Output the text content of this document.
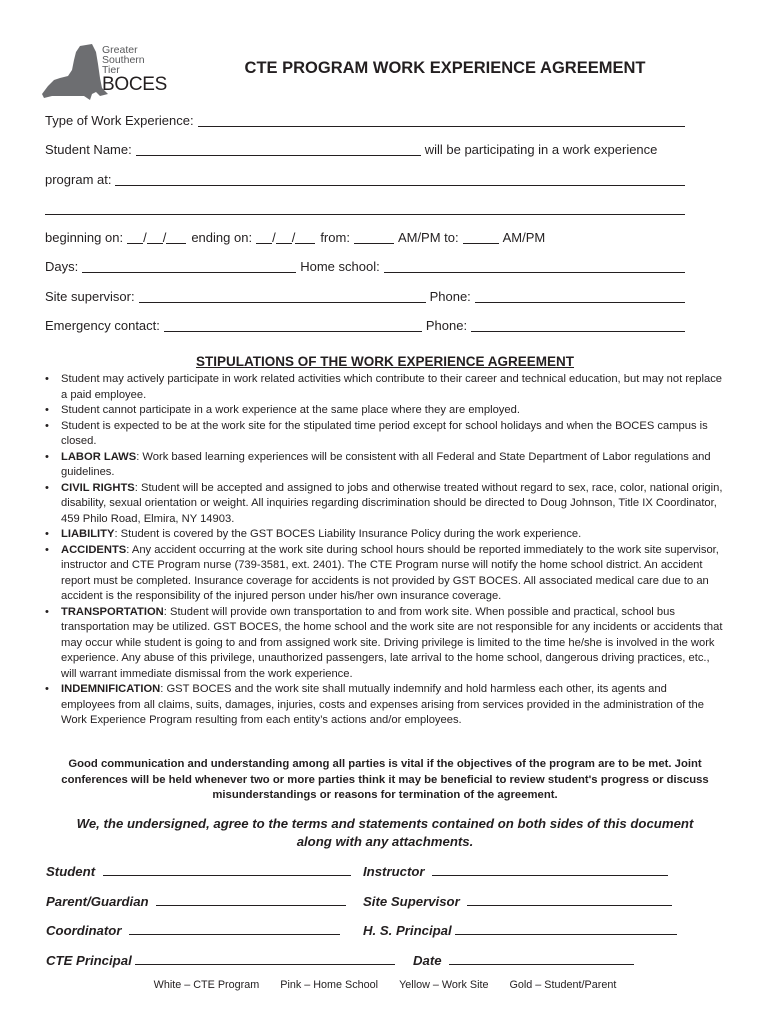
Greater
Southern
Tier
BOCES
CTE PROGRAM WORK EXPERIENCE AGREEMENT
Type of Work Experience:
Student Name:	will be participating in a work experience
program at:
beginning on: / / ending on: / / from:	AM/PM to:	AM/PM
Days:	Home school:
Site supervisor:	Phone:
Emergency contact:	Phone:
STIPULATIONS OF THE WORK EXPERIENCE AGREEMENT
• Student may actively participate in work related activities which contribute to their career and technical education, but may not replace a paid employee.
• Student cannot participate in a work experience at the same place where they are employed.
• Student is expected to be at the work site for the stipulated time period except for school holidays and when the BOCES campus is closed.
• LABOR LAWS: Work based learning experiences will be consistent with all Federal and State Department of Labor regulations and guidelines.
• CIVIL RIGHTS: Student will be accepted and assigned to jobs and otherwise treated without regard to sex, race, color, national origin, disability, sexual orientation or weight. All inquiries regarding discrimination should be directed to Doug Johnson, Title IX Coordinator, 459 Philo Road, Elmira, NY 14903.
• LIABILITY: Student is covered by the GST BOCES Liability Insurance Policy during the work experience.
• ACCIDENTS: Any accident occurring at the work site during school hours should be reported immediately to the work site supervisor, instructor and CTE Program nurse (739-3581, ext. 2401). The CTE Program nurse will notify the home school district. An accident report must be completed. Insurance coverage for accidents is not provided by GST BOCES. All associated medical care due to an accident is the responsibility of the injured person under his/her own insurance coverage.
• TRANSPORTATION: Student will provide own transportation to and from work site. When possible and practical, school bus transportation may be utilized. GST BOCES, the home school and the work site are not responsible for any incidents or accidents that may occur while student is going to and from assigned work site. Driving privilege is limited to the time he/she is involved in the work experience. Any abuse of this privilege, unauthorized passengers, late arrival to the home school, dangerous driving practices, etc., will warrant immediate dismissal from the work experience.
• INDEMNIFICATION: GST BOCES and the work site shall mutually indemnify and hold harmless each other, its agents and employees from all claims, suits, damages, injuries, costs and expenses arising from services provided in the administration of the Work Experience Program resulting from each entity’s actions and/or employees.
Good communication and understanding among all parties is vital if the objectives of the program are to be met. Joint conferences will be held whenever two or more parties think it may be beneficial to review student's progress or discuss misunderstandings or reasons for termination of the agreement.
We, the undersigned, agree to the terms and statements contained on both sides of this document along with any attachments.
Student	Instructor
Parent/Guardian	Site Supervisor
Coordinator	H. S. Principal
CTE Principal	Date
White – CTE Program Pink – Home School Yellow – Work Site Gold – Student/Parent
